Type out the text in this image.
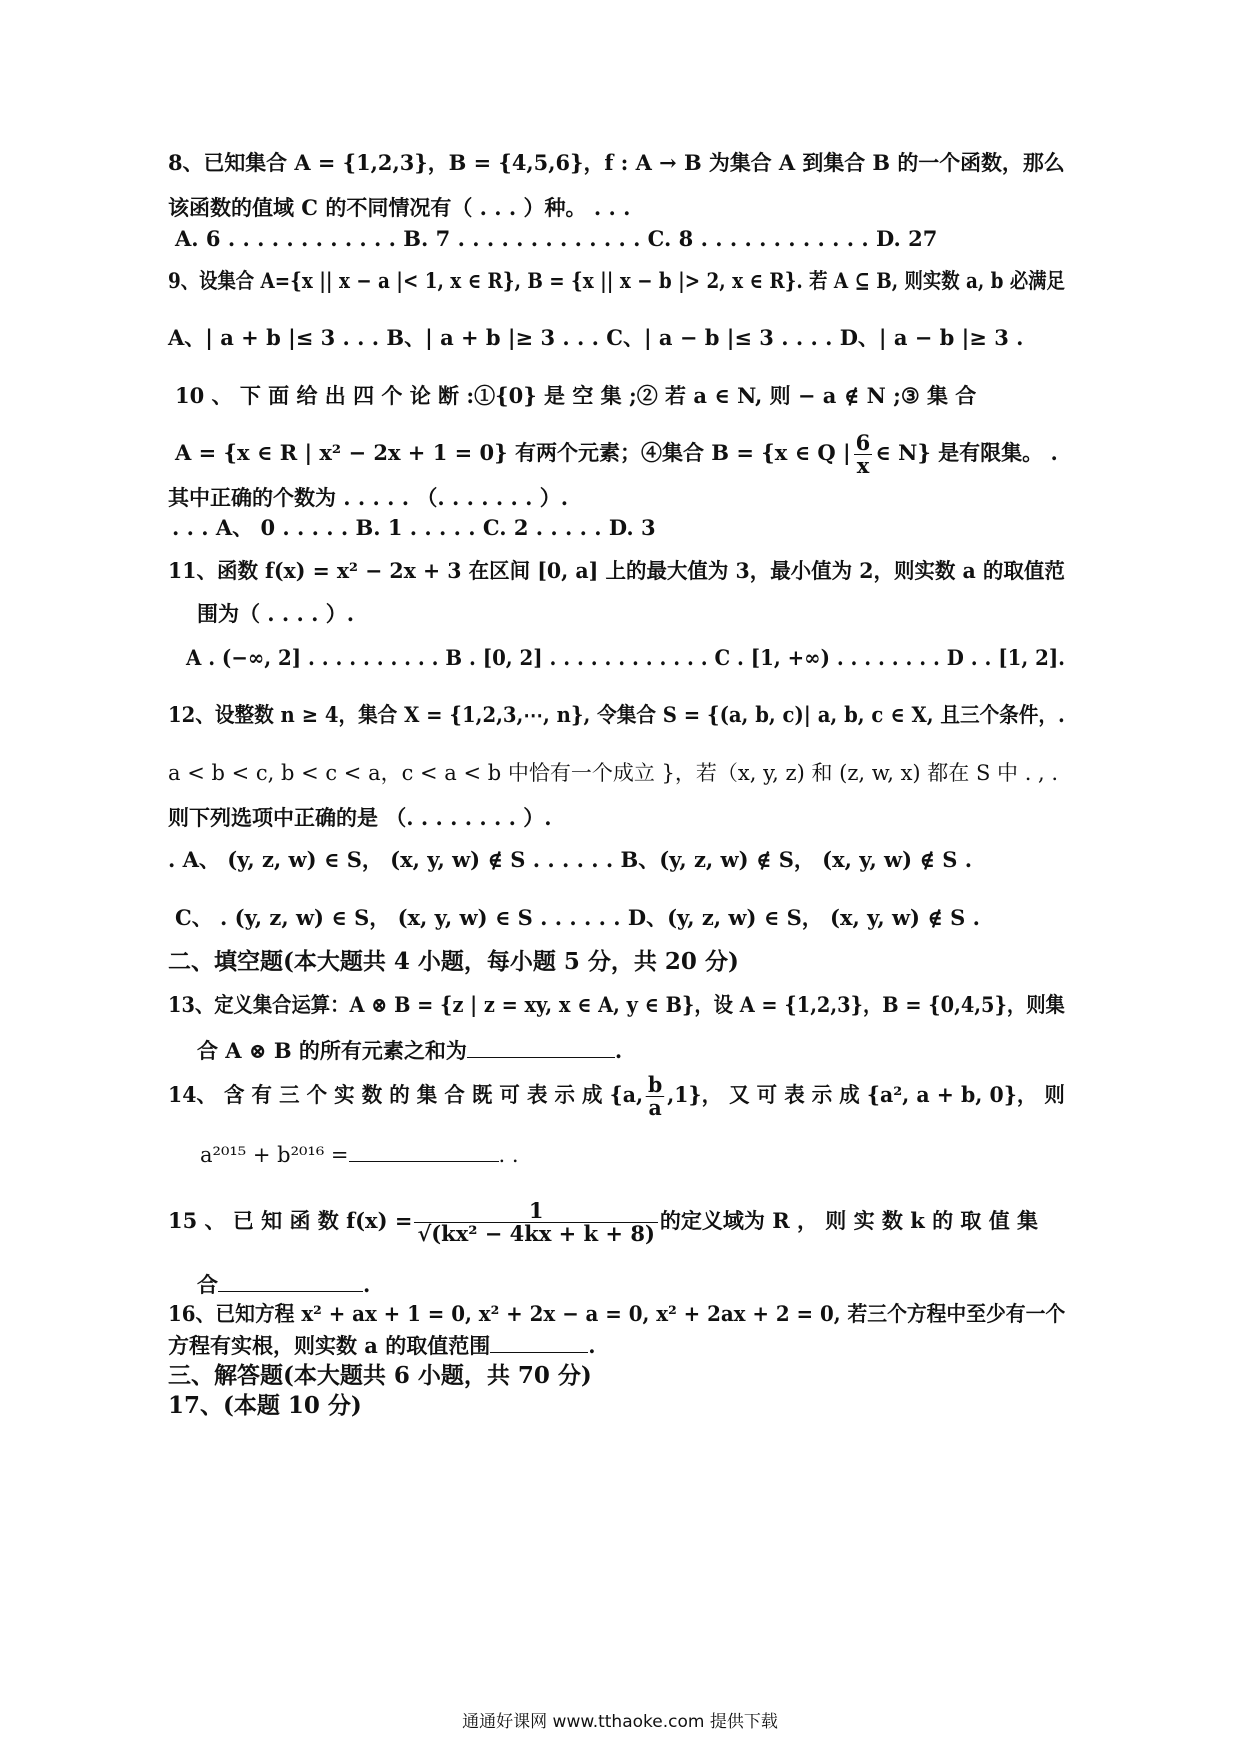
8、已知集合 A = {1,2,3}，B = {4,5,6}，f : A → B 为集合 A 到集合 B 的一个函数，那么
该函数的值域 C 的不同情况有（ . . . ）种。 . . .
A. 6 . . . . . . . . . . . . B. 7 . . . . . . . . . . . . . C. 8 . . . . . . . . . . . . D. 27
9、设集合 A={x || x − a |< 1, x ∈ R}, B = {x || x − b |> 2, x ∈ R}. 若 A ⊆ B, 则实数 a, b 必满足
A、| a + b |≤ 3 . . . B、| a + b |≥ 3 . . . C、| a − b |≤ 3 . . . . D、| a − b |≥ 3 .
10 、 下 面 给 出 四 个 论 断 :①{0} 是 空 集 ;② 若 a ∈ N, 则 − a ∉ N ;③ 集 合
A = {x ∈ R | x² − 2x + 1 = 0} 有两个元素；④集合 B = {x ∈ Q | $\frac{6}{x}$ ∈ N} 是有限集。 .
其中正确的个数为 . . . . . （. . . . . . . ）.
. . . A、 0 . . . . . B. 1 . . . . . C. 2 . . . . . D. 3
11、函数 f(x) = x² − 2x + 3 在区间 [0, a] 上的最大值为 3，最小值为 2，则实数 a 的取值范
围为（ . . . . ）.
A . (−∞, 2] . . . . . . . . . . B . [0, 2] . . . . . . . . . . . . C . [1, +∞) . . . . . . . . D . . [1, 2].
12、设整数 n ≥ 4，集合 X = {1,2,3,⋯, n}, 令集合 S = {(a, b, c)| a, b, c ∈ X, 且三个条件，.
a < b < c, b < c < a，c < a < b 中恰有一个成立 }，若（x, y, z) 和 (z, w, x) 都在 S 中 . , .
则下列选项中正确的是 （. . . . . . . . ）.
. A、 (y, z, w) ∈ S， (x, y, w) ∉ S . . . . . . B、(y, z, w) ∉ S， (x, y, w) ∉ S .
C、 . (y, z, w) ∈ S， (x, y, w) ∈ S . . . . . . D、(y, z, w) ∈ S， (x, y, w) ∉ S .
二、填空题(本大题共 4 小题，每小题 5 分，共 20 分)
13、定义集合运算：A ⊗ B = {z | z = xy, x ∈ A, y ∈ B}，设 A = {1,2,3}，B = {0,4,5}，则集
合 A ⊗ B 的所有元素之和为	.
14、 含 有 三 个 实 数 的 集 合 既 可 表 示 成 {a, $\frac{b}{a} ,1$}， 又 可 表 示 成 {a², a + b, 0}， 则
a²⁰¹⁵ + b²⁰¹⁶ =	. .
15 、 已 知 函 数 $f(x) = \frac{1}{\text{√(kx² − 4kx + k + 8)}}$ 的定义域为 R ， 则 实 数 k 的 取 值 集
合	.
16、已知方程 x² + ax + 1 = 0, x² + 2x − a = 0, x² + 2ax + 2 = 0, 若三个方程中至少有一个
方程有实根，则实数 a 的取值范围	.
三、解答题(本大题共 6 小题，共 70 分)
17、(本题 10 分)
通通好课网 www.tthaoke.com 提供下载
